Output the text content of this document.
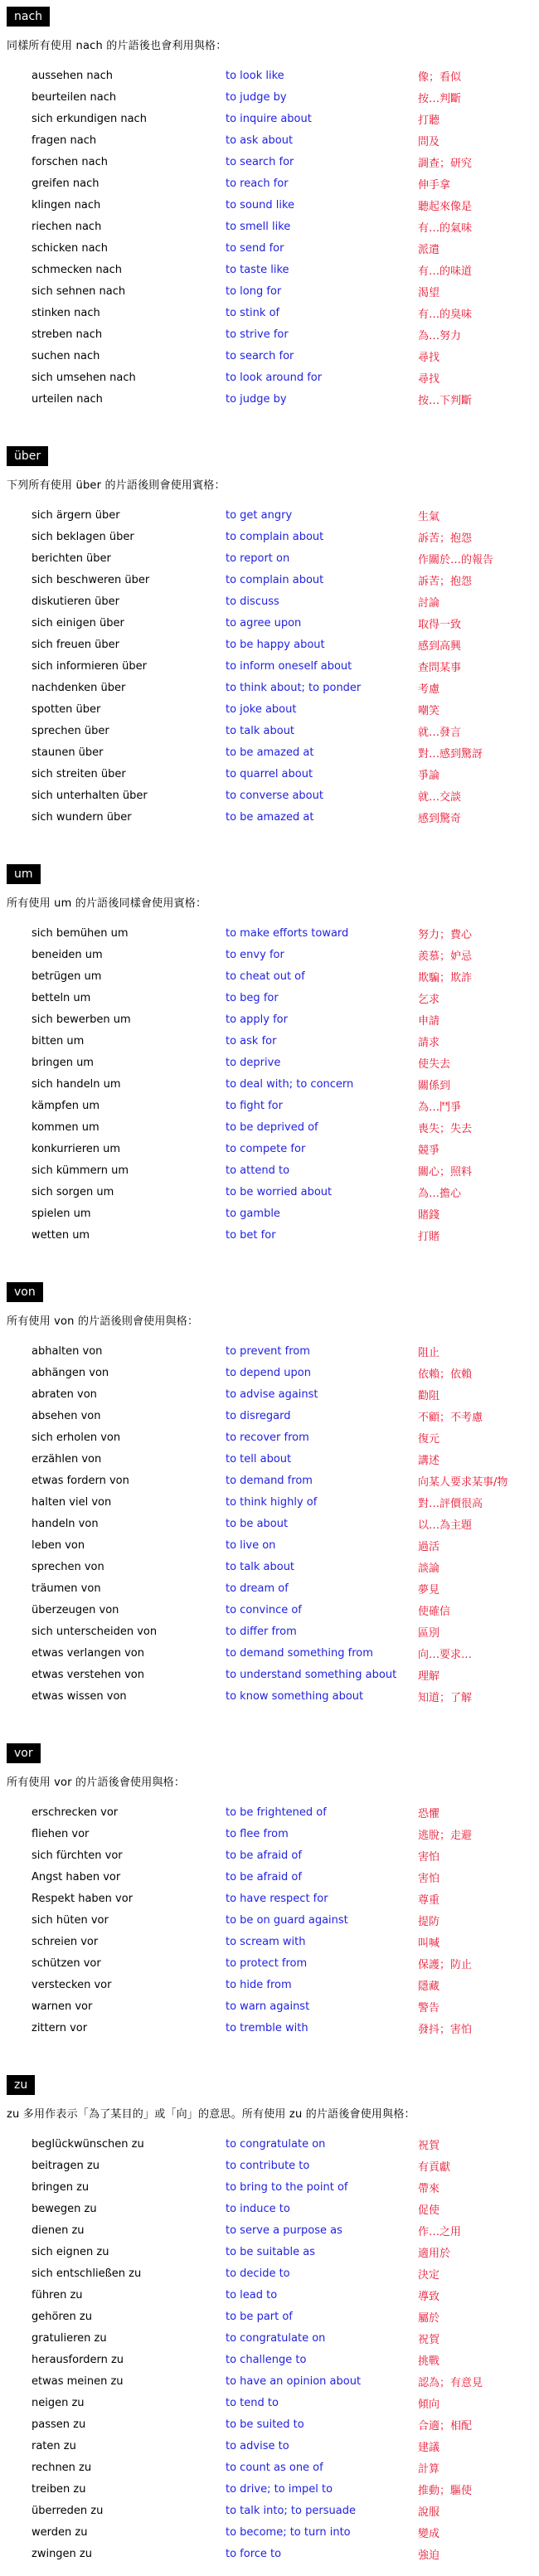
nach
同樣所有使用 nach 的片語後也會利用與格：
aussehen nach	to look like	像；看似
beurteilen nach	to judge by	按…判斷
sich erkundigen nach	to inquire about	打聽
fragen nach	to ask about	問及
forschen nach	to search for	調查；研究
greifen nach	to reach for	伸手拿
klingen nach	to sound like	聽起來像是
riechen nach	to smell like	有…的氣味
schicken nach	to send for	派遣
schmecken nach	to taste like	有…的味道
sich sehnen nach	to long for	渴望
stinken nach	to stink of	有…的臭味
streben nach	to strive for	為…努力
suchen nach	to search for	尋找
sich umsehen nach	to look around for	尋找
urteilen nach	to judge by	按…下判斷
über
下列所有使用 über 的片語後則會使用賓格：
sich ärgern über	to get angry	生氣
sich beklagen über	to complain about	訴苦；抱怨
berichten über	to report on	作關於…的報告
sich beschweren über	to complain about	訴苦；抱怨
diskutieren über	to discuss	討論
sich einigen über	to agree upon	取得一致
sich freuen über	to be happy about	感到高興
sich informieren über	to inform oneself about	查問某事
nachdenken über	to think about; to ponder	考慮
spotten über	to joke about	嘲笑
sprechen über	to talk about	就…發言
staunen über	to be amazed at	對…感到驚訝
sich streiten über	to quarrel about	爭論
sich unterhalten über	to converse about	就…交談
sich wundern über	to be amazed at	感到驚奇
um
所有使用 um 的片語後同樣會使用賓格：
sich bemühen um	to make efforts toward	努力；費心
beneiden um	to envy for	羨慕；妒忌
betrügen um	to cheat out of	欺騙；欺詐
betteln um	to beg for	乞求
sich bewerben um	to apply for	申請
bitten um	to ask for	請求
bringen um	to deprive	使失去
sich handeln um	to deal with; to concern	關係到
kämpfen um	to fight for	為…鬥爭
kommen um	to be deprived of	喪失；失去
konkurrieren um	to compete for	競爭
sich kümmern um	to attend to	關心；照料
sich sorgen um	to be worried about	為…擔心
spielen um	to gamble	賭錢
wetten um	to bet for	打賭
von
所有使用 von 的片語後則會使用與格：
abhalten von	to prevent from	阻止
abhängen von	to depend upon	依賴；依賴
abraten von	to advise against	勸阻
absehen von	to disregard	不顧；不考慮
sich erholen von	to recover from	復元
erzählen von	to tell about	講述
etwas fordern von	to demand from	向某人要求某事/物
halten viel von	to think highly of	對…評價很高
handeln von	to be about	以…為主題
leben von	to live on	過活
sprechen von	to talk about	談論
träumen von	to dream of	夢見
überzeugen von	to convince of	使確信
sich unterscheiden von	to differ from	區別
etwas verlangen von	to demand something from	向…要求…
etwas verstehen von	to understand something about	理解
etwas wissen von	to know something about	知道；了解
vor
所有使用 vor 的片語後會使用與格：
erschrecken vor	to be frightened of	恐懼
fliehen vor	to flee from	逃脫；走避
sich fürchten vor	to be afraid of	害怕
Angst haben vor	to be afraid of	害怕
Respekt haben vor	to have respect for	尊重
sich hüten vor	to be on guard against	提防
schreien vor	to scream with	叫喊
schützen vor	to protect from	保護；防止
verstecken vor	to hide from	隱藏
warnen vor	to warn against	警告
zittern vor	to tremble with	發抖；害怕
zu
zu 多用作表示「為了某目的」或「向」的意思。所有使用 zu 的片語後會使用與格：
beglückwünschen zu	to congratulate on	祝賀
beitragen zu	to contribute to	有貢獻
bringen zu	to bring to the point of	帶來
bewegen zu	to induce to	促使
dienen zu	to serve a purpose as	作…之用
sich eignen zu	to be suitable as	適用於
sich entschließen zu	to decide to	決定
führen zu	to lead to	導致
gehören zu	to be part of	屬於
gratulieren zu	to congratulate on	祝賀
herausfordern zu	to challenge to	挑戰
etwas meinen zu	to have an opinion about	認為；有意見
neigen zu	to tend to	傾向
passen zu	to be suited to	合適；相配
raten zu	to advise to	建議
rechnen zu	to count as one of	計算
treiben zu	to drive; to impel to	推動；驅使
überreden zu	to talk into; to persuade	說服
werden zu	to become; to turn into	變成
zwingen zu	to force to	強迫
